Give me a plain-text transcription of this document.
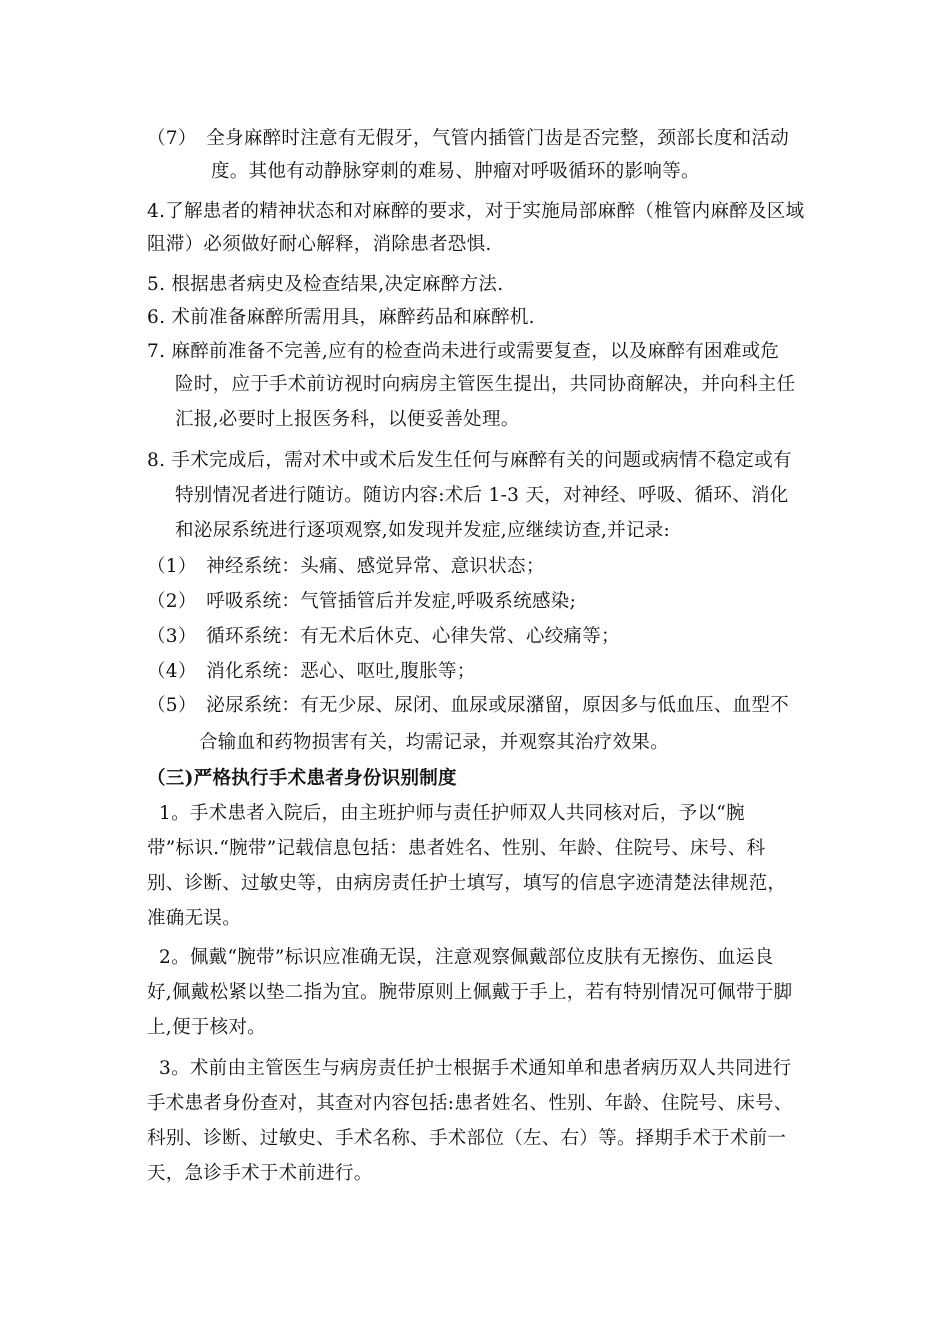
（7）　全身麻醉时注意有无假牙，气管内插管门齿是否完整，颈部长度和活动
度。其他有动静脉穿刺的难易、肿瘤对呼吸循环的影响等。
4.了解患者的精神状态和对麻醉的要求，对于实施局部麻醉（椎管内麻醉及区域
阻滞）必须做好耐心解释，消除患者恐惧.
5. 根据患者病史及检查结果,决定麻醉方法.
6. 术前准备麻醉所需用具，麻醉药品和麻醉机.
7. 麻醉前准备不完善,应有的检查尚未进行或需要复查，以及麻醉有困难或危
险时，应于手术前访视时向病房主管医生提出，共同协商解决，并向科主任
汇报,必要时上报医务科，以便妥善处理。
8. 手术完成后，需对术中或术后发生任何与麻醉有关的问题或病情不稳定或有
特别情况者进行随访。随访内容:术后 1-3 天，对神经、呼吸、循环、消化
和泌尿系统进行逐项观察,如发现并发症,应继续访查,并记录:
（1）　神经系统：头痛、感觉异常、意识状态；
（2）　呼吸系统：气管插管后并发症,呼吸系统感染;
（3）　循环系统：有无术后休克、心律失常、心绞痛等；
（4）　消化系统：恶心、呕吐,腹胀等；
（5）　泌尿系统：有无少尿、尿闭、血尿或尿潴留，原因多与低血压、血型不
合输血和药物损害有关，均需记录，并观察其治疗效果。
（三)严格执行手术患者身份识别制度
1。手术患者入院后，由主班护师与责任护师双人共同核对后，予以“腕
带”标识.“腕带”记载信息包括：患者姓名、性别、年龄、住院号、床号、科
别、诊断、过敏史等，由病房责任护士填写，填写的信息字迹清楚法律规范，
准确无误。
2。佩戴“腕带”标识应准确无误，注意观察佩戴部位皮肤有无擦伤、血运良
好,佩戴松紧以垫二指为宜。腕带原则上佩戴于手上，若有特别情况可佩带于脚
上,便于核对。
3。术前由主管医生与病房责任护士根据手术通知单和患者病历双人共同进行
手术患者身份查对，其查对内容包括:患者姓名、性别、年龄、住院号、床号、
科别、诊断、过敏史、手术名称、手术部位（左、右）等。择期手术于术前一
天，急诊手术于术前进行。
